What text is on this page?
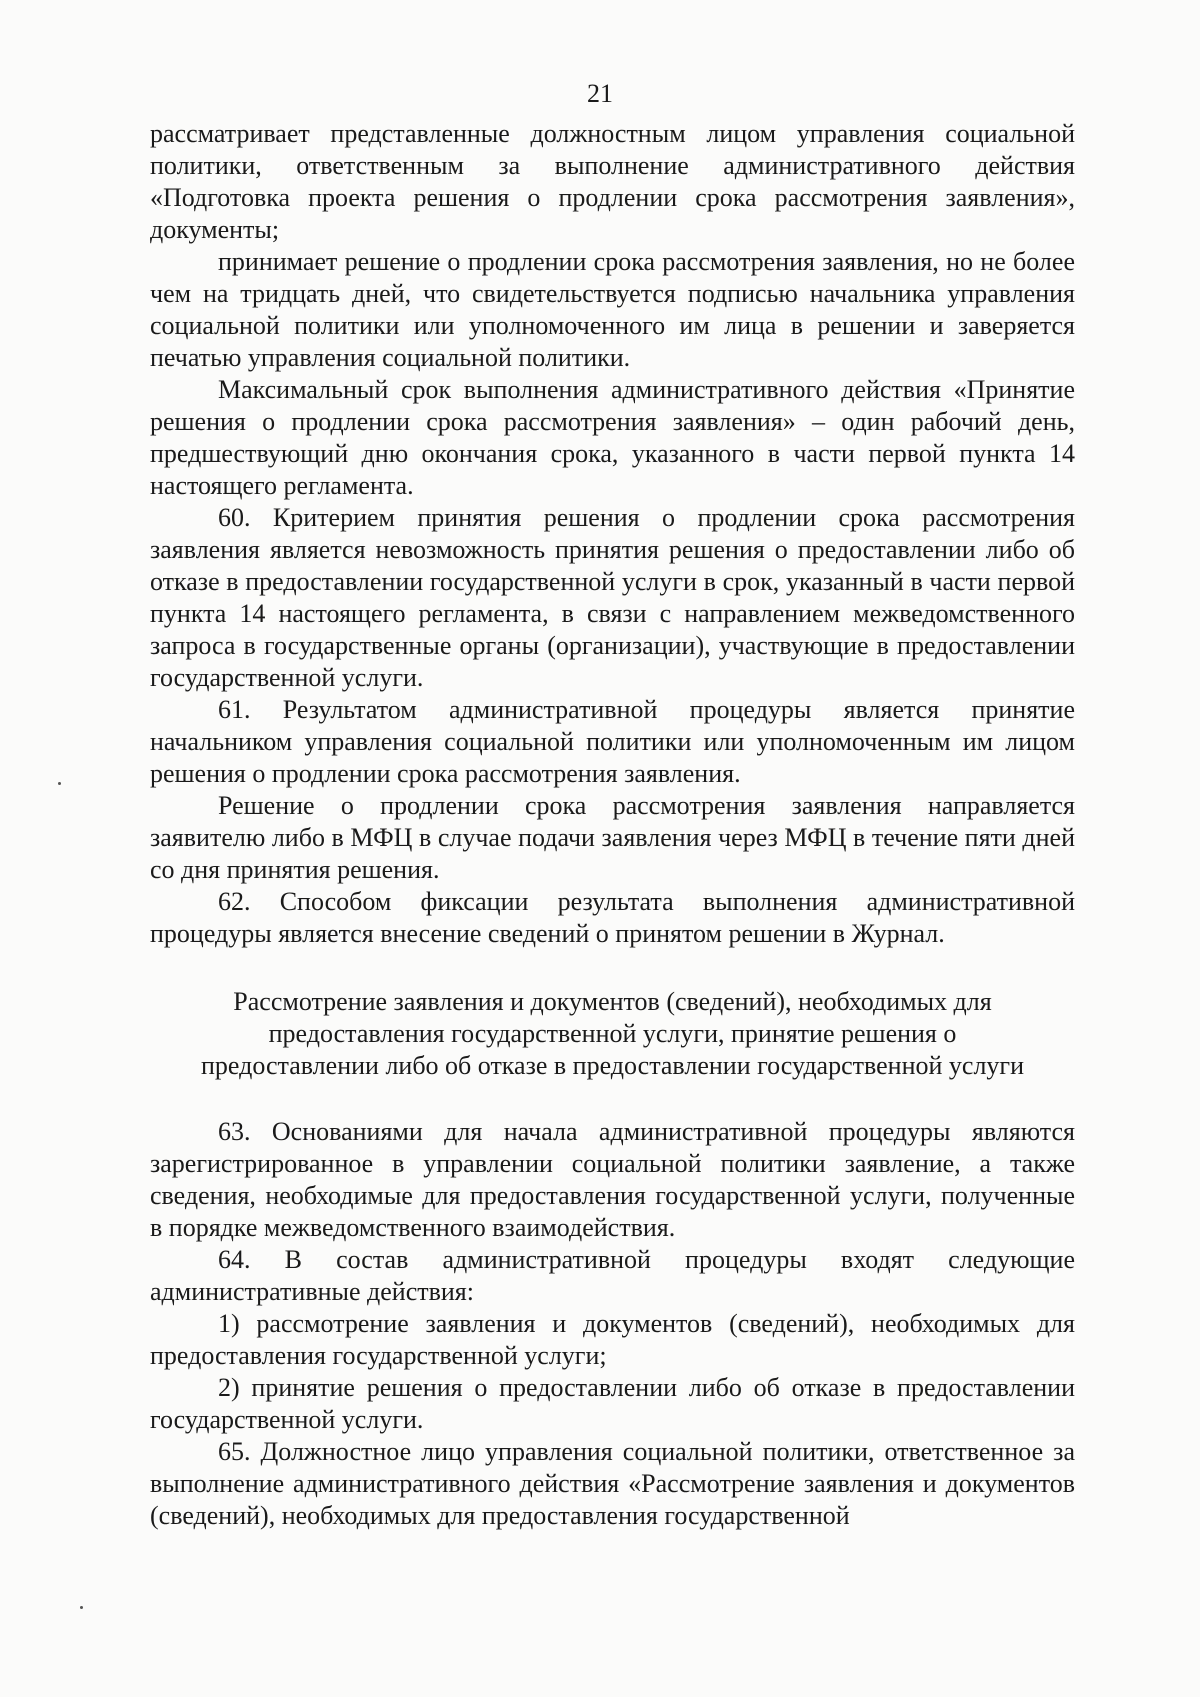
21

рассматривает представленные должностным лицом управления социальной политики, ответственным за выполнение административного действия «Подготовка проекта решения о продлении срока рассмотрения заявления», документы;

принимает решение о продлении срока рассмотрения заявления, но не более чем на тридцать дней, что свидетельствуется подписью начальника управления социальной политики или уполномоченного им лица в решении и заверяется печатью управления социальной политики.

Максимальный срок выполнения административного действия «Принятие решения о продлении срока рассмотрения заявления» – один рабочий день, предшествующий дню окончания срока, указанного в части первой пункта 14 настоящего регламента.

60. Критерием принятия решения о продлении срока рассмотрения заявления является невозможность принятия решения о предоставлении либо об отказе в предоставлении государственной услуги в срок, указанный в части первой пункта 14 настоящего регламента, в связи с направлением межведомственного запроса в государственные органы (организации), участвующие в предоставлении государственной услуги.

61. Результатом административной процедуры является принятие начальником управления социальной политики или уполномоченным им лицом решения о продлении срока рассмотрения заявления.

Решение о продлении срока рассмотрения заявления направляется заявителю либо в МФЦ в случае подачи заявления через МФЦ в течение пяти дней со дня принятия решения.

62. Способом фиксации результата выполнения административной процедуры является внесение сведений о принятом решении в Журнал.

Рассмотрение заявления и документов (сведений), необходимых для предоставления государственной услуги, принятие решения о предоставлении либо об отказе в предоставлении государственной услуги

63. Основаниями для начала административной процедуры являются зарегистрированное в управлении социальной политики заявление, а также сведения, необходимые для предоставления государственной услуги, полученные в порядке межведомственного взаимодействия.

64. В состав административной процедуры входят следующие административные действия:

1) рассмотрение заявления и документов (сведений), необходимых для предоставления государственной услуги;

2) принятие решения о предоставлении либо об отказе в предоставлении государственной услуги.

65. Должностное лицо управления социальной политики, ответственное за выполнение административного действия «Рассмотрение заявления и документов (сведений), необходимых для предоставления государственной
